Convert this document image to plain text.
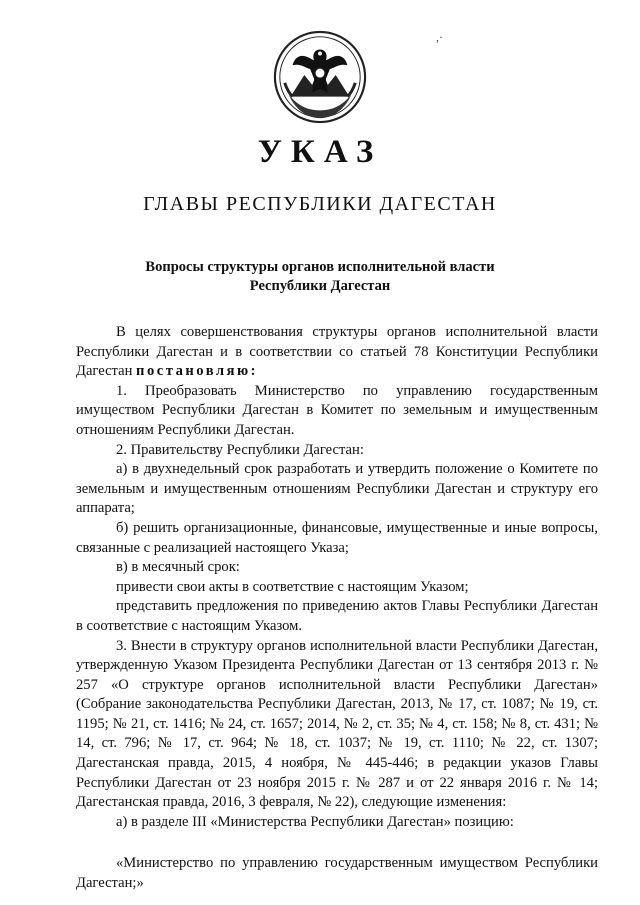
УКАЗ
ГЛАВЫ РЕСПУБЛИКИ ДАГЕСТАН
Вопросы структуры органов исполнительной власти
Республики Дагестан

В целях совершенствования структуры органов исполнительной власти Республики Дагестан и в соответствии со статьей 78 Конституции Республики Дагестан постановляю:

1. Преобразовать Министерство по управлению государственным имуществом Республики Дагестан в Комитет по земельным и имущественным отношениям Республики Дагестан.

2. Правительству Республики Дагестан:

а) в двухнедельный срок разработать и утвердить положение о Комитете по земельным и имущественным отношениям Республики Дагестан и структуру его аппарата;

б) решить организационные, финансовые, имущественные и иные вопросы, связанные с реализацией настоящего Указа;

в) в месячный срок:

привести свои акты в соответствие с настоящим Указом;

представить предложения по приведению актов Главы Республики Дагестан в соответствие с настоящим Указом.

3. Внести в структуру органов исполнительной власти Республики Дагестан, утвержденную Указом Президента Республики Дагестан от 13 сентября 2013 г. № 257 «О структуре органов исполнительной власти Республики Дагестан» (Собрание законодательства Республики Дагестан, 2013, № 17, ст. 1087; № 19, ст. 1195; № 21, ст. 1416; № 24, ст. 1657; 2014, № 2, ст. 35; № 4, ст. 158; № 8, ст. 431; № 14, ст. 796; № 17, ст. 964; № 18, ст. 1037; № 19, ст. 1110; № 22, ст. 1307; Дагестанская правда, 2015, 4 ноября, № 445-446; в редакции указов Главы Республики Дагестан от 23 ноября 2015 г. № 287 и от 22 января 2016 г. № 14; Дагестанская правда, 2016, 3 февраля, № 22), следующие изменения:

а) в разделе III «Министерства Республики Дагестан» позицию:

«Министерство по управлению государственным имуществом Республики Дагестан;»

,·
